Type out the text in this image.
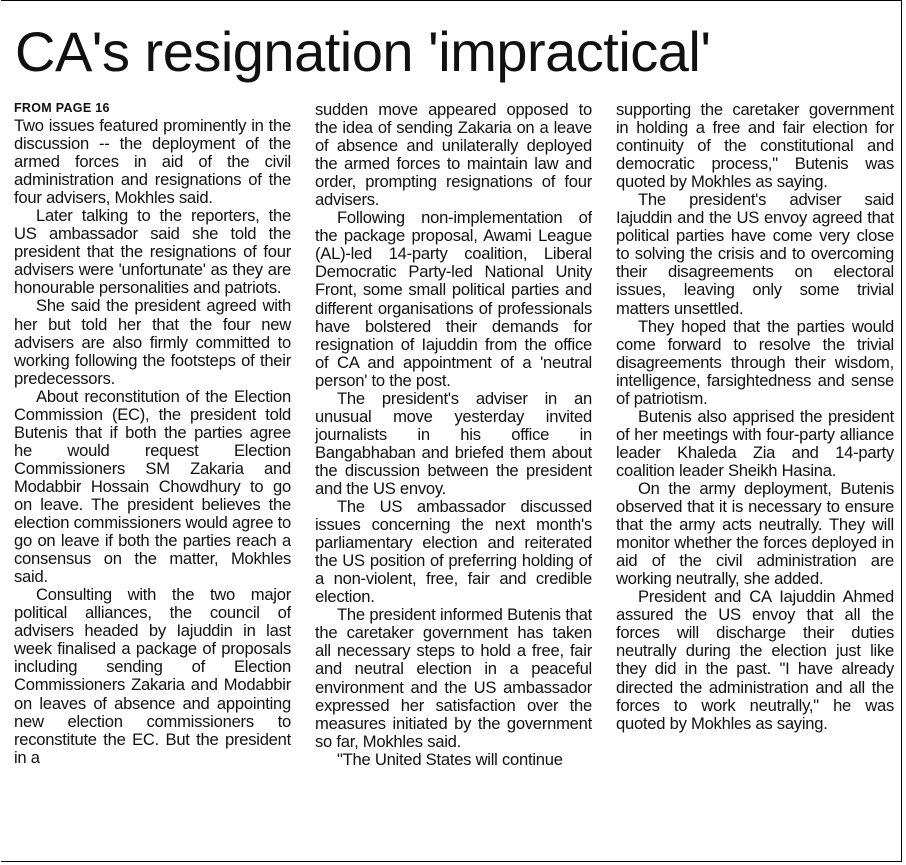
CA's resignation 'impractical'
FROM PAGE 16

Two issues featured prominently in the discussion -- the deployment of the armed forces in aid of the civil administration and resignations of the four advisers, Mokhles said.

Later talking to the reporters, the US ambassador said she told the president that the resignations of four advisers were 'unfortunate' as they are honourable personalities and patriots.

She said the president agreed with her but told her that the four new advisers are also firmly committed to working following the footsteps of their predecessors.

About reconstitution of the Election Commission (EC), the president told Butenis that if both the parties agree he would request Election Commissioners SM Zakaria and Modabbir Hossain Chowdhury to go on leave. The president believes the election commissioners would agree to go on leave if both the parties reach a consensus on the matter, Mokhles said.

Consulting with the two major political alliances, the council of advisers headed by Iajuddin in last week finalised a package of proposals including sending of Election Commissioners Zakaria and Modabbir on leaves of absence and appointing new election commissioners to reconstitute the EC. But the president in a

sudden move appeared opposed to the idea of sending Zakaria on a leave of absence and unilaterally deployed the armed forces to maintain law and order, prompting resignations of four advisers.

Following non-implementation of the package proposal, Awami League (AL)-led 14-party coalition, Liberal Democratic Party-led National Unity Front, some small political parties and different organisations of professionals have bolstered their demands for resignation of Iajuddin from the office of CA and appointment of a 'neutral person' to the post.

The president's adviser in an unusual move yesterday invited journalists in his office in Bangabhaban and briefed them about the discussion between the president and the US envoy.

The US ambassador discussed issues concerning the next month's parliamentary election and reiterated the US position of preferring holding of a non-violent, free, fair and credible election.

The president informed Butenis that the caretaker government has taken all necessary steps to hold a free, fair and neutral election in a peaceful environment and the US ambassador expressed her satisfaction over the measures initiated by the government so far, Mokhles said.

"The United States will continue

supporting the caretaker government in holding a free and fair election for continuity of the constitutional and democratic process," Butenis was quoted by Mokhles as saying.

The president's adviser said Iajuddin and the US envoy agreed that political parties have come very close to solving the crisis and to overcoming their disagreements on electoral issues, leaving only some trivial matters unsettled.

They hoped that the parties would come forward to resolve the trivial disagreements through their wisdom, intelligence, farsightedness and sense of patriotism.

Butenis also apprised the president of her meetings with four-party alliance leader Khaleda Zia and 14-party coalition leader Sheikh Hasina.

On the army deployment, Butenis observed that it is necessary to ensure that the army acts neutrally. They will monitor whether the forces deployed in aid of the civil administration are working neutrally, she added.

President and CA Iajuddin Ahmed assured the US envoy that all the forces will discharge their duties neutrally during the election just like they did in the past. "I have already directed the administration and all the forces to work neutrally," he was quoted by Mokhles as saying.
